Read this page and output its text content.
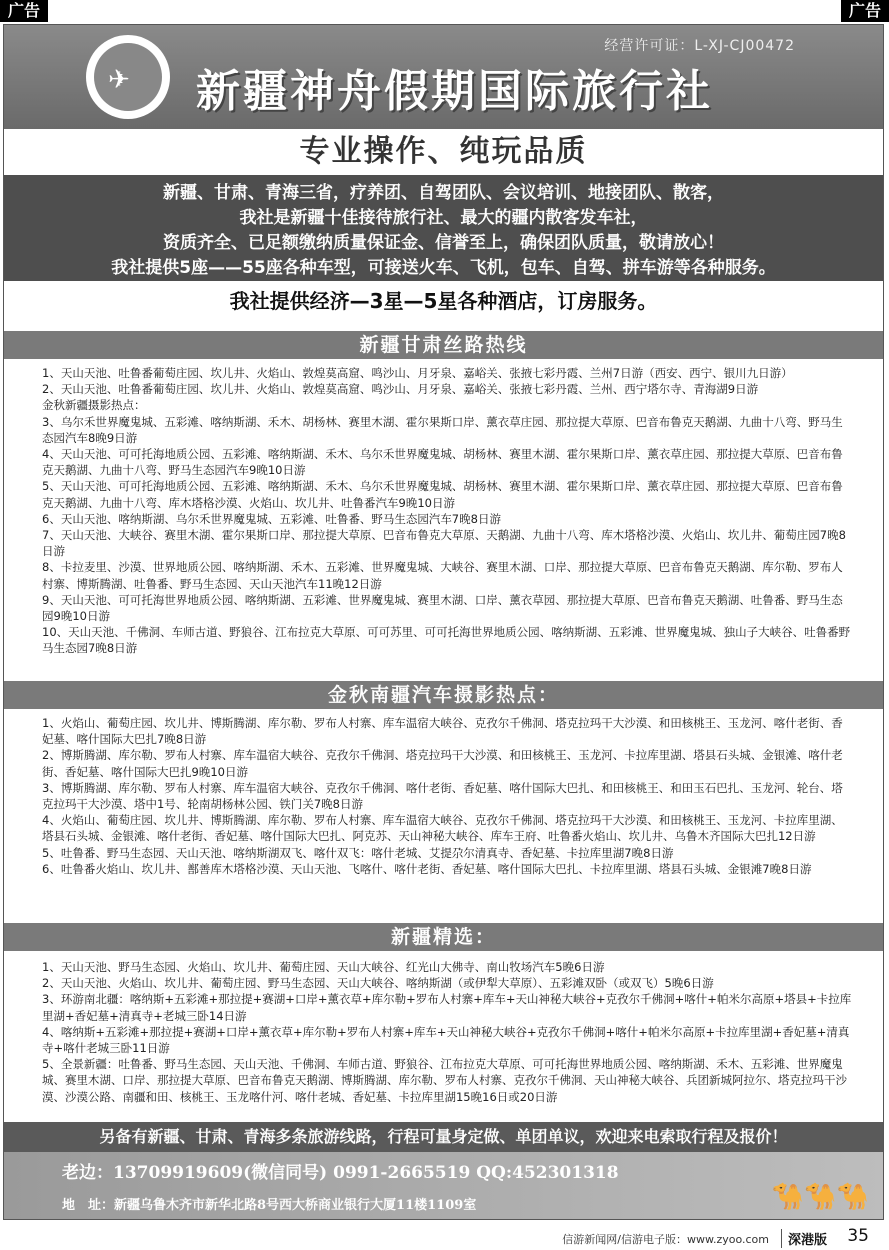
广告	广告
经营许可证：L-XJ-CJ00472
✈ 新疆神舟假期国际旅行社
专业操作、纯玩品质
新疆、甘肃、青海三省，疗养团、自驾团队、会议培训、地接团队、散客，
我社是新疆十佳接待旅行社、最大的疆内散客发车社，
资质齐全、已足额缴纳质量保证金、信誉至上，确保团队质量，敬请放心！
我社提供5座——55座各种车型，可接送火车、飞机，包车、自驾、拼车游等各种服务。
我社提供经济—3星—5星各种酒店，订房服务。
新疆甘肃丝路热线

1、天山天池、吐鲁番葡萄庄园、坎儿井、火焰山、敦煌莫高窟、鸣沙山、月牙泉、嘉峪关、张掖七彩丹霞、兰州7日游（西安、西宁、银川九日游）

2、天山天池、吐鲁番葡萄庄园、坎儿井、火焰山、敦煌莫高窟、鸣沙山、月牙泉、嘉峪关、张掖七彩丹霞、兰州、西宁塔尔寺、青海湖9日游

金秋新疆摄影热点：

3、乌尔禾世界魔鬼城、五彩滩、喀纳斯湖、禾木、胡杨林、赛里木湖、霍尔果斯口岸、薰衣草庄园、那拉提大草原、巴音布鲁克天鹅湖、九曲十八弯、野马生态园汽车8晚9日游

4、天山天池、可可托海地质公园、五彩滩、喀纳斯湖、禾木、乌尔禾世界魔鬼城、胡杨林、赛里木湖、霍尔果斯口岸、薰衣草庄园、那拉提大草原、巴音布鲁克天鹅湖、九曲十八弯、野马生态园汽车9晚10日游

5、天山天池、可可托海地质公园、五彩滩、喀纳斯湖、禾木、乌尔禾世界魔鬼城、胡杨林、赛里木湖、霍尔果斯口岸、薰衣草庄园、那拉提大草原、巴音布鲁克天鹅湖、九曲十八弯、库木塔格沙漠、火焰山、坎儿井、吐鲁番汽车9晚10日游

6、天山天池、喀纳斯湖、乌尔禾世界魔鬼城、五彩滩、吐鲁番、野马生态园汽车7晚8日游

7、天山天池、大峡谷、赛里木湖、霍尔果斯口岸、那拉提大草原、巴音布鲁克大草原、天鹅湖、九曲十八弯、库木塔格沙漠、火焰山、坎儿井、葡萄庄园7晚8日游

8、卡拉麦里、沙漠、世界地质公园、喀纳斯湖、禾木、五彩滩、世界魔鬼城、大峡谷、赛里木湖、口岸、那拉提大草原、巴音布鲁克天鹅湖、库尔勒、罗布人村寨、博斯腾湖、吐鲁番、野马生态园、天山天池汽车11晚12日游

9、天山天池、可可托海世界地质公园、喀纳斯湖、五彩滩、世界魔鬼城、赛里木湖、口岸、薰衣草园、那拉提大草原、巴音布鲁克天鹅湖、吐鲁番、野马生态园9晚10日游

10、天山天池、千佛洞、车师古道、野狼谷、江布拉克大草原、可可苏里、可可托海世界地质公园、喀纳斯湖、五彩滩、世界魔鬼城、独山子大峡谷、吐鲁番野马生态园7晚8日游

金秋南疆汽车摄影热点：

1、火焰山、葡萄庄园、坎儿井、博斯腾湖、库尔勒、罗布人村寨、库车温宿大峡谷、克孜尔千佛洞、塔克拉玛干大沙漠、和田核桃王、玉龙河、喀什老街、香妃墓、喀什国际大巴扎7晚8日游

2、博斯腾湖、库尔勒、罗布人村寨、库车温宿大峡谷、克孜尔千佛洞、塔克拉玛干大沙漠、和田核桃王、玉龙河、卡拉库里湖、塔县石头城、金银滩、喀什老街、香妃墓、喀什国际大巴扎9晚10日游

3、博斯腾湖、库尔勒、罗布人村寨、库车温宿大峡谷、克孜尔千佛洞、喀什老街、香妃墓、喀什国际大巴扎、和田核桃王、和田玉石巴扎、玉龙河、轮台、塔克拉玛干大沙漠、塔中1号、轮南胡杨林公园、铁门关7晚8日游

4、火焰山、葡萄庄园、坎儿井、博斯腾湖、库尔勒、罗布人村寨、库车温宿大峡谷、克孜尔千佛洞、塔克拉玛干大沙漠、和田核桃王、玉龙河、卡拉库里湖、塔县石头城、金银滩、喀什老街、香妃墓、喀什国际大巴扎、阿克苏、天山神秘大峡谷、库车王府、吐鲁番火焰山、坎儿井、乌鲁木齐国际大巴扎12日游

5、吐鲁番、野马生态园、天山天池、喀纳斯湖双飞、喀什双飞：喀什老城、艾提尕尔清真寺、香妃墓、卡拉库里湖7晚8日游

6、吐鲁番火焰山、坎儿井、鄯善库木塔格沙漠、天山天池、飞喀什、喀什老街、香妃墓、喀什国际大巴扎、卡拉库里湖、塔县石头城、金银滩7晚8日游

新疆精选：

1、天山天池、野马生态园、火焰山、坎儿井、葡萄庄园、天山大峡谷、红光山大佛寺、南山牧场汽车5晚6日游

2、天山天池、火焰山、坎儿井、葡萄庄园、野马生态园、天山大峡谷、喀纳斯湖（或伊犁大草原）、五彩滩双卧（或双飞）5晚6日游

3、环游南北疆：喀纳斯+五彩滩+那拉提+赛湖+口岸+薰衣草+库尔勒+罗布人村寨+库车+天山神秘大峡谷+克孜尔千佛洞+喀什+帕米尔高原+塔县+卡拉库里湖+香妃墓+清真寺+老城三卧14日游

4、喀纳斯+五彩滩+那拉提+赛湖+口岸+薰衣草+库尔勒+罗布人村寨+库车+天山神秘大峡谷+克孜尔千佛洞+喀什+帕米尔高原+卡拉库里湖+香妃墓+清真寺+喀什老城三卧11日游

5、全景新疆：吐鲁番、野马生态园、天山天池、千佛洞、车师古道、野狼谷、江布拉克大草原、可可托海世界地质公园、喀纳斯湖、禾木、五彩滩、世界魔鬼城、赛里木湖、口岸、那拉提大草原、巴音布鲁克天鹅湖、博斯腾湖、库尔勒、罗布人村寨、克孜尔千佛洞、天山神秘大峡谷、兵团新城阿拉尔、塔克拉玛干沙漠、沙漠公路、南疆和田、核桃王、玉龙喀什河、喀什老城、香妃墓、卡拉库里湖15晚16日或20日游

另备有新疆、甘肃、青海多条旅游线路，行程可量身定做、单团单议，欢迎来电索取行程及报价！
老边：13709919609(微信同号) 0991-2665519 QQ:452301318
地　址：新疆乌鲁木齐市新华北路8号西大桥商业银行大厦11楼1109室	🐪🐪🐪
信游新闻网/信游电子版：www.zyoo.com	深港版 35
